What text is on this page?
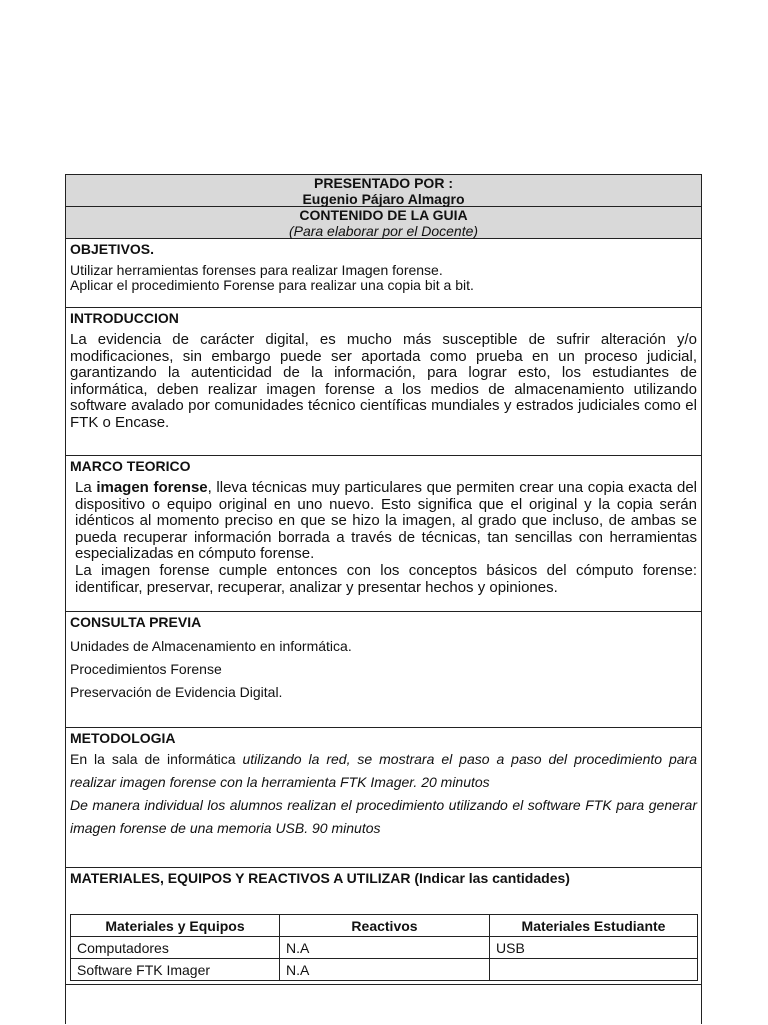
PRESENTADO POR :
Eugenio Pájaro Almagro
CONTENIDO DE LA GUIA
(Para elaborar por el Docente)
OBJETIVOS.
Utilizar herramientas forenses para realizar Imagen forense.
Aplicar el procedimiento Forense para realizar una copia bit a bit.
INTRODUCCION
La evidencia de carácter digital, es mucho más susceptible de sufrir alteración y/o modificaciones, sin embargo puede ser aportada como prueba en un proceso judicial, garantizando la autenticidad de la información, para lograr esto, los estudiantes de informática, deben realizar imagen forense a los medios de almacenamiento utilizando software avalado por comunidades técnico científicas mundiales y estrados judiciales como el FTK o Encase.
MARCO TEORICO

La imagen forense, lleva técnicas muy particulares que permiten crear una copia exacta del dispositivo o equipo original en uno nuevo. Esto significa que el original y la copia serán idénticos al momento preciso en que se hizo la imagen, al grado que incluso, de ambas se pueda recuperar información borrada a través de técnicas, tan sencillas con herramientas especializadas en cómputo forense.

La imagen forense cumple entonces con los conceptos básicos del cómputo forense: identificar, preservar, recuperar, analizar y presentar hechos y opiniones.

CONSULTA PREVIA
Unidades de Almacenamiento en informática.
Procedimientos Forense
Preservación de Evidencia Digital.
METODOLOGIA

En la sala de informática utilizando la red, se mostrara el paso a paso del procedimiento para realizar imagen forense con la herramienta FTK Imager. 20 minutos

De manera individual los alumnos realizan el procedimiento utilizando el software FTK para generar imagen forense de una memoria USB. 90 minutos

MATERIALES, EQUIPOS Y REACTIVOS A UTILIZAR (Indicar las cantidades)
Materiales y Equipos	Reactivos	Materiales Estudiante
Computadores	N.A	USB
Software FTK Imager	N.A	
